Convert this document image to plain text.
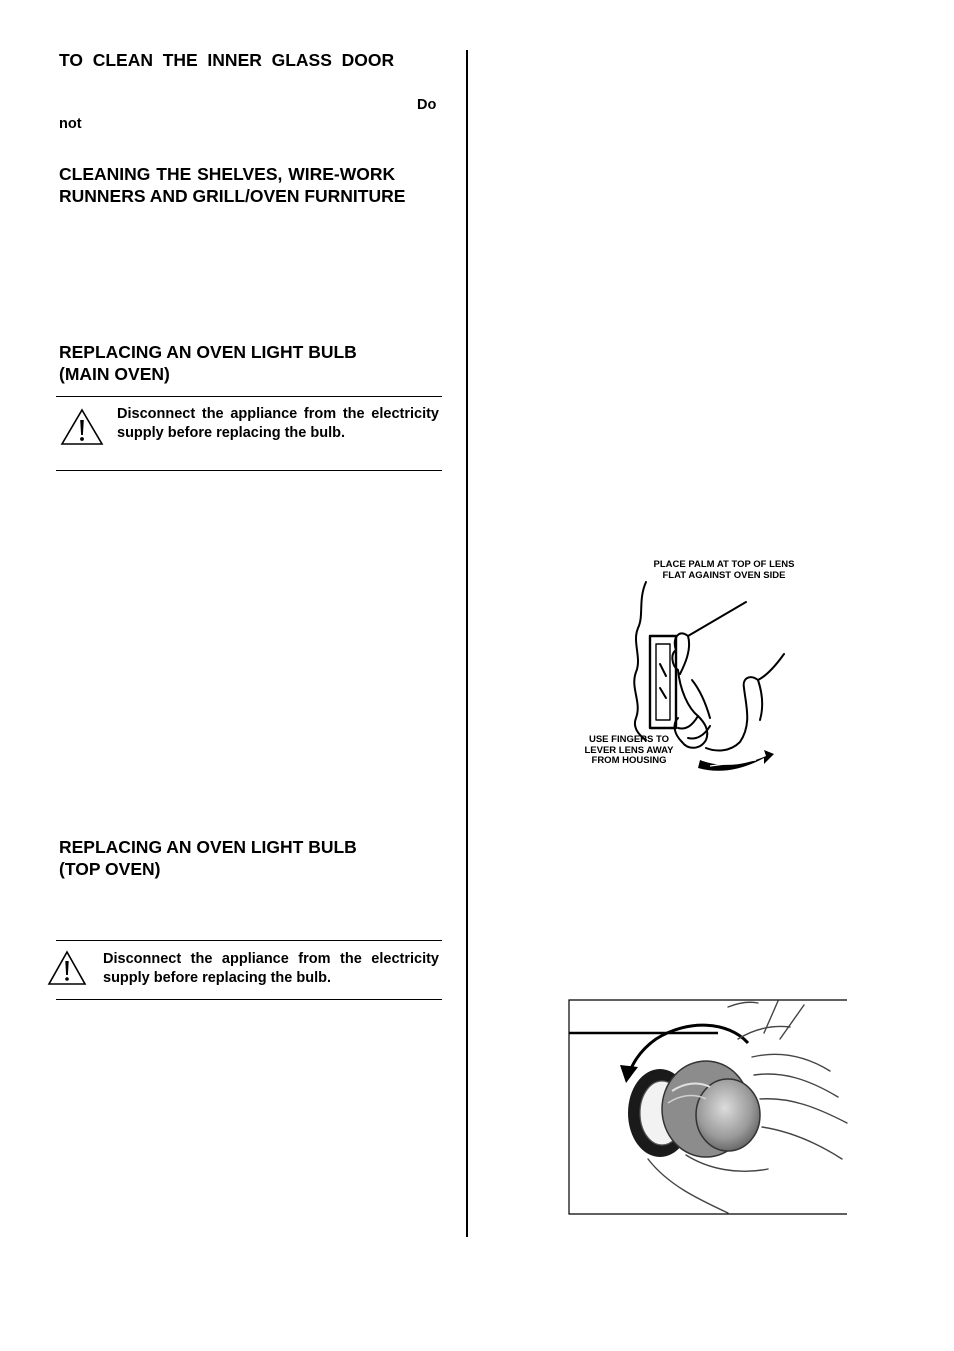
TO  CLEAN  THE  INNER  GLASS  DOOR
Do
not
CLEANING THE SHELVES, WIRE-WORK
RUNNERS AND GRILL/OVEN FURNITURE
REPLACING AN OVEN LIGHT BULB
(MAIN OVEN)
Disconnect the appliance from the electricity supply before replacing the bulb.
REPLACING AN OVEN LIGHT BULB
(TOP OVEN)
Disconnect the appliance from the electricity supply before replacing the bulb.
PLACE PALM AT TOP OF LENS
FLAT AGAINST OVEN SIDE
USE FINGERS TO
LEVER LENS AWAY
FROM HOUSING
